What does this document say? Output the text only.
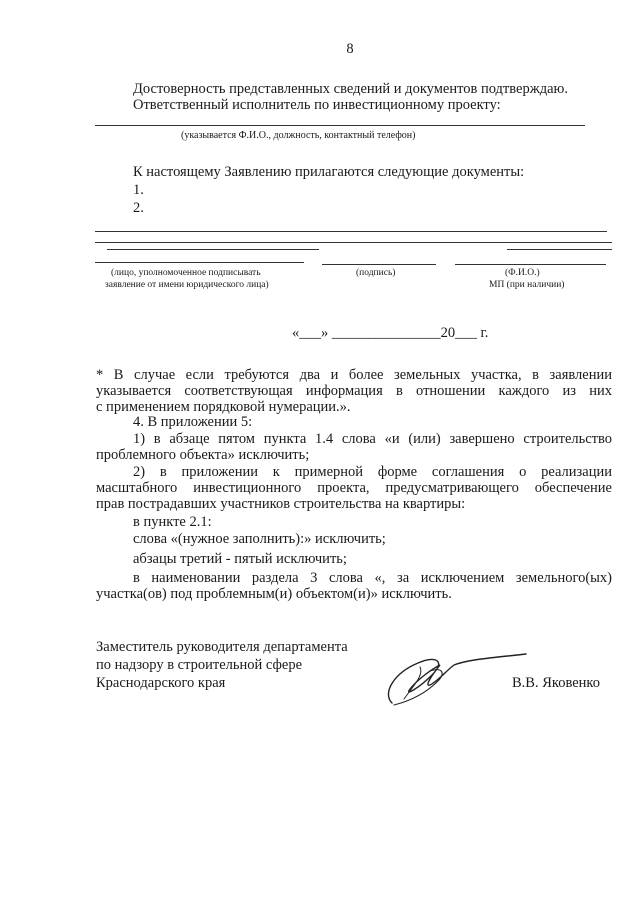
8
Достоверность представленных сведений и документов подтверждаю.
Ответственный исполнитель по инвестиционному проекту:
(указывается Ф.И.О., должность, контактный телефон)
К настоящему Заявлению прилагаются следующие документы:
1.
2.
(лицо, уполномоченное подписывать
заявление от имени юридического лица)
(подпись)	(Ф.И.О.)
МП (при наличии)
«___» _______________20___ г.
* В случае если требуются два и более земельных участка, в заявлении
указывается соответствующая информация в отношении каждого из них
с применением порядковой нумерации.».
4. В приложении 5:
1) в абзаце пятом пункта 1.4 слова «и (или) завершено строительство
проблемного объекта» исключить;
2) в приложении к примерной форме соглашения о реализации
масштабного инвестиционного проекта, предусматривающего обеспечение
прав пострадавших участников строительства на квартиры:
в пункте 2.1:
слова «(нужное заполнить):» исключить;
абзацы третий - пятый исключить;
в наименовании раздела 3 слова «, за исключением земельного(ых)
участка(ов) под проблемным(и) объектом(и)» исключить.
Заместитель руководителя департамента
по надзору в строительной сфере
Краснодарского края	В.В. Яковенко
